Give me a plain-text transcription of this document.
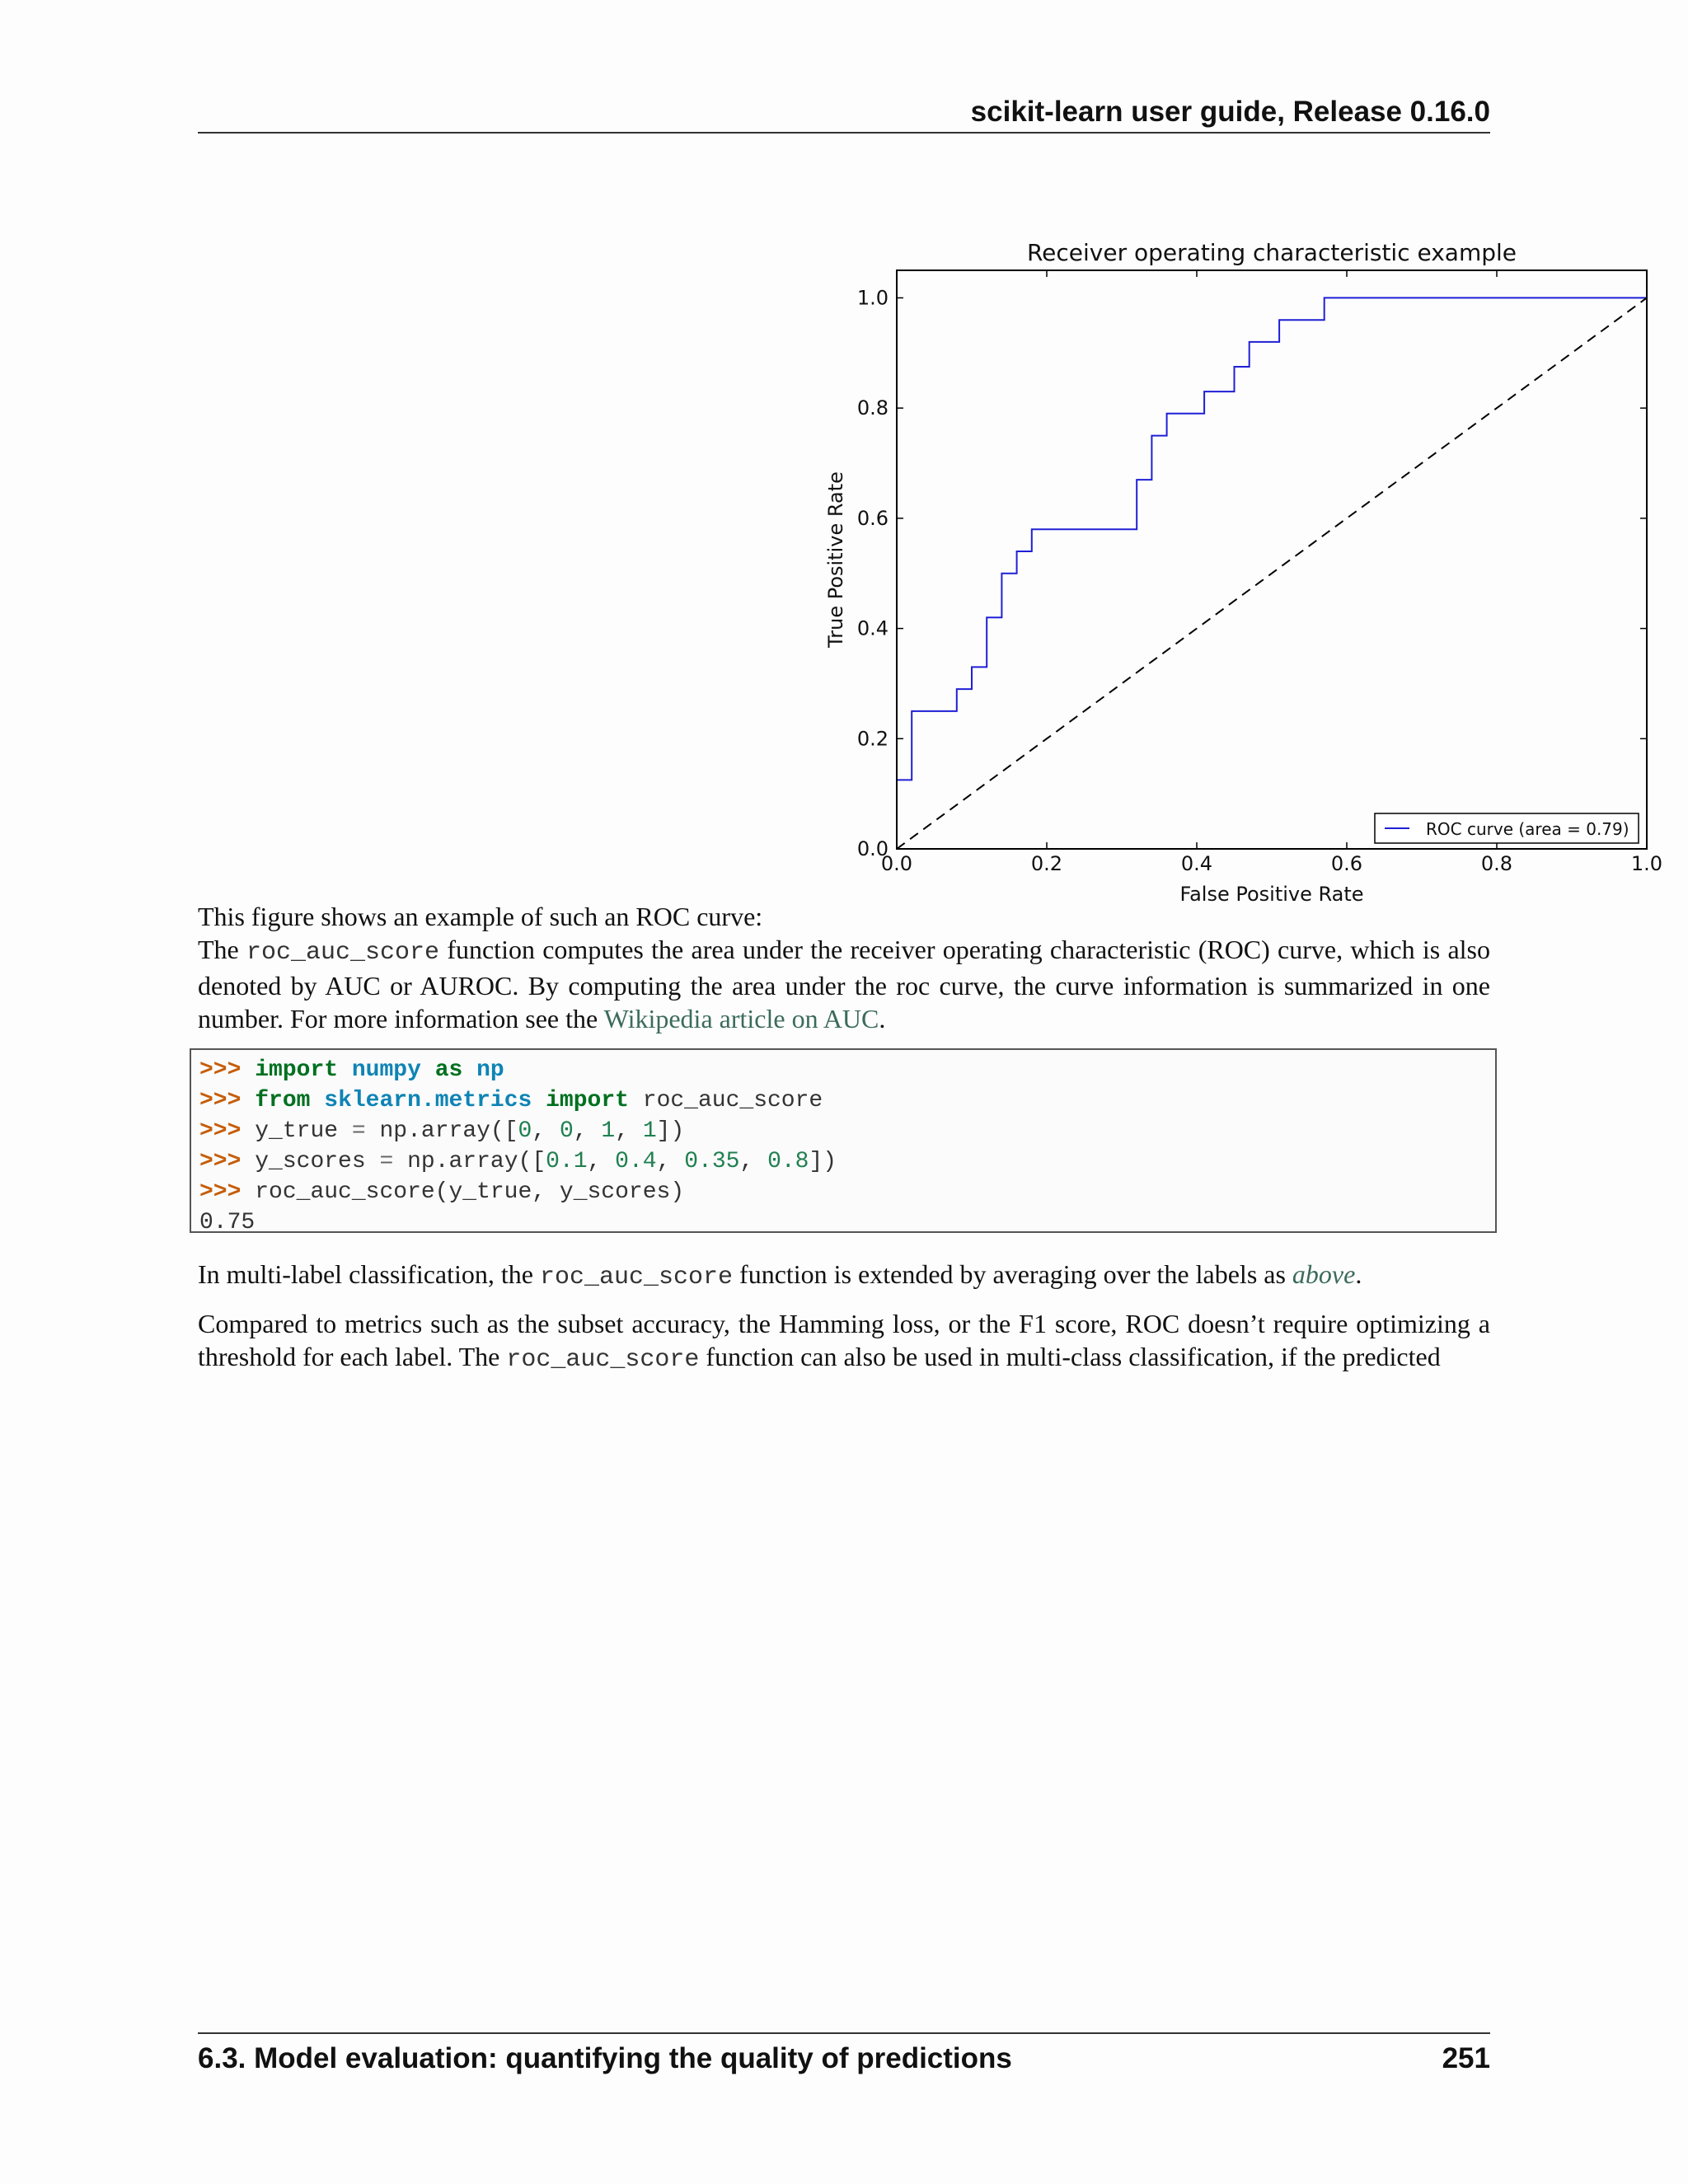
scikit-learn user guide, Release 0.16.0
Receiver operating characteristic example
0.0	0.2	0.4	0.6	0.8	1.0
0.0
0.2
0.4
0.6
0.8
1.0
False Positive Rate
True Positive Rate
ROC curve (area = 0.79)

This figure shows an example of such an ROC curve:

The roc_auc_score function computes the area under the receiver operating characteristic (ROC) curve, which is also denoted by AUC or AUROC. By computing the area under the roc curve, the curve information is summarized in one number. For more information see the Wikipedia article on AUC.

>>> import numpy as np
>>> from sklearn.metrics import roc_auc_score
>>> y_true = np.array([0, 0, 1, 1])
>>> y_scores = np.array([0.1, 0.4, 0.35, 0.8])
>>> roc_auc_score(y_true, y_scores)
0.75

In multi-label classification, the roc_auc_score function is extended by averaging over the labels as above.

Compared to metrics such as the subset accuracy, the Hamming loss, or the F1 score, ROC doesn’t require optimizing a threshold for each label. The roc_auc_score function can also be used in multi-class classification, if the predicted

6.3. Model evaluation: quantifying the quality of predictions	251
